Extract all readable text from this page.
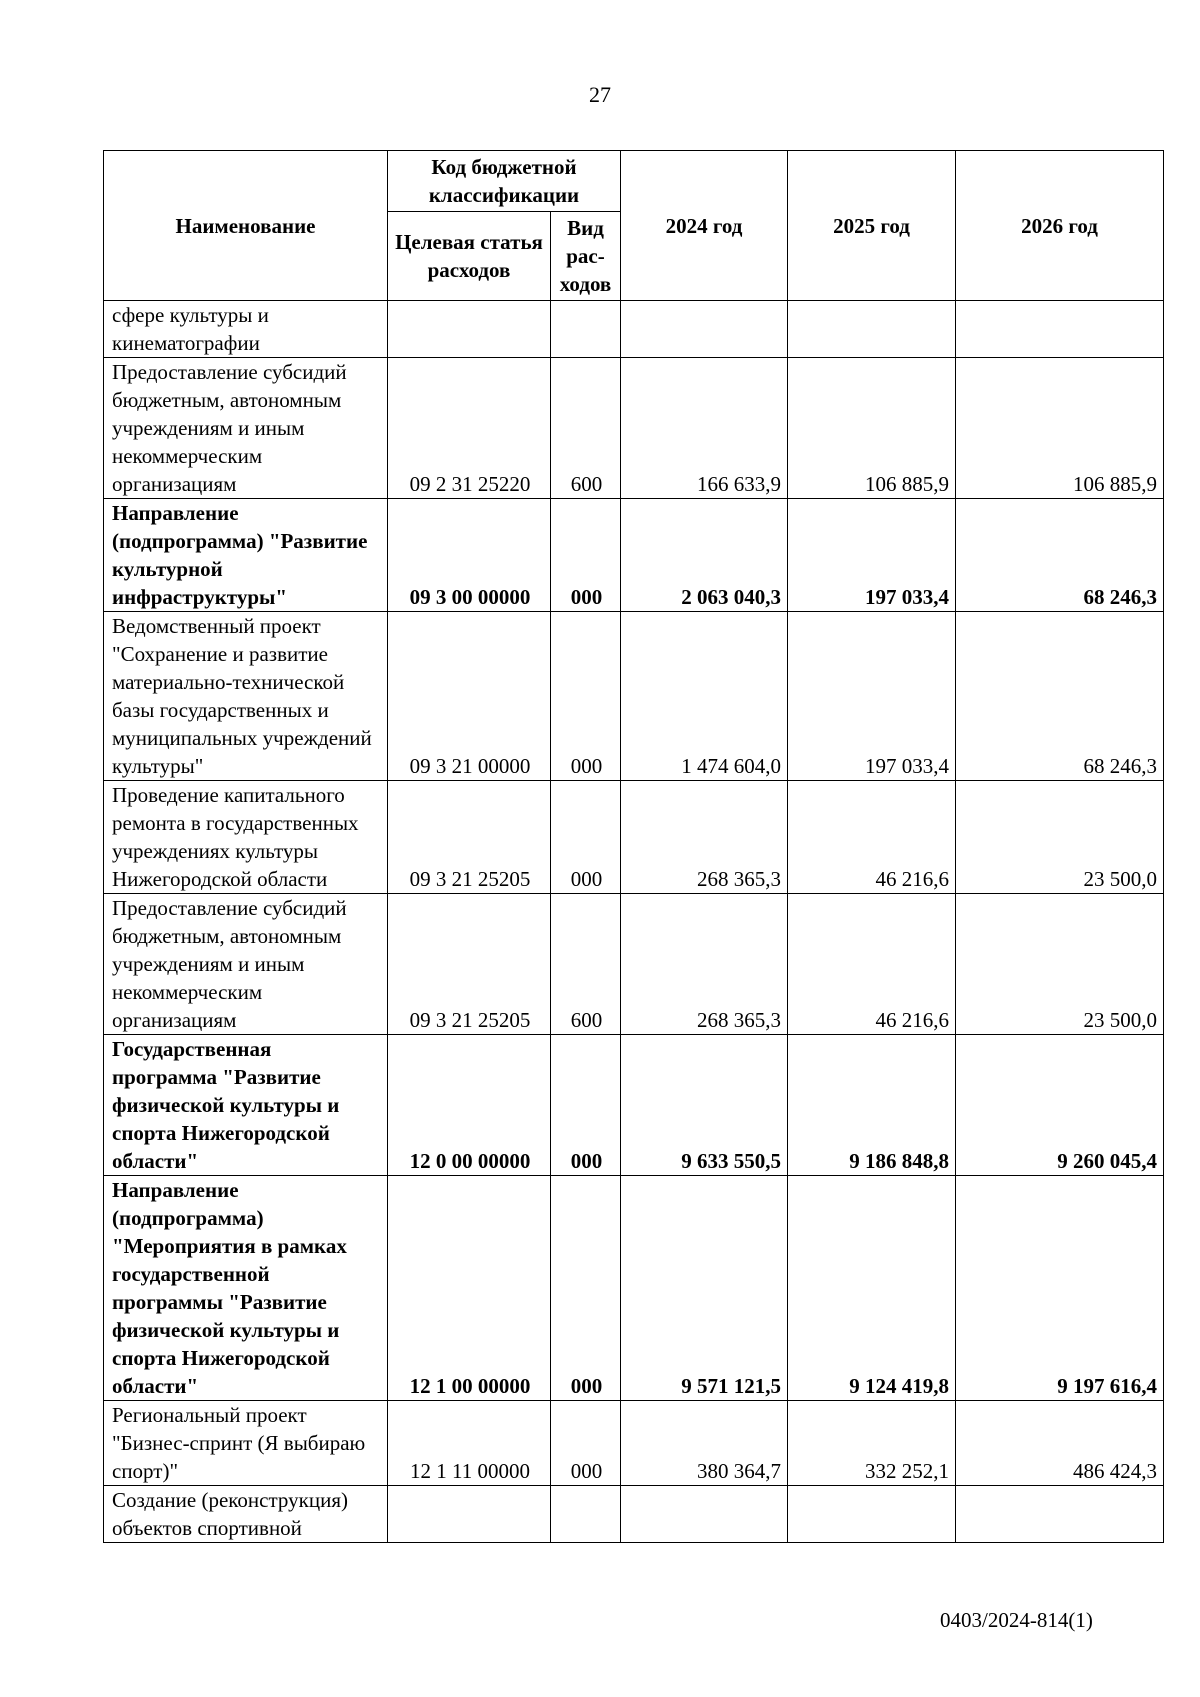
27
Наименование	Код бюджетной классификации		2024 год	2025 год	2026 год
	Целевая статья расходов	Вид рас-ходов			
сфере культуры и кинематографии					
Предоставление субсидий бюджетным, автономным учреждениям и иным некоммерческим организациям	09 2 31 25220	600	166 633,9	106 885,9	106 885,9
Направление (подпрограмма) "Развитие культурной инфраструктуры"	09 3 00 00000	000	2 063 040,3	197 033,4	68 246,3
Ведомственный проект "Сохранение и развитие материально-технической базы государственных и муниципальных учреждений культуры"	09 3 21 00000	000	1 474 604,0	197 033,4	68 246,3
Проведение капитального ремонта в государственных учреждениях культуры Нижегородской области	09 3 21 25205	000	268 365,3	46 216,6	23 500,0
Предоставление субсидий бюджетным, автономным учреждениям и иным некоммерческим организациям	09 3 21 25205	600	268 365,3	46 216,6	23 500,0
Государственная программа "Развитие физической культуры и спорта Нижегородской области"	12 0 00 00000	000	9 633 550,5	9 186 848,8	9 260 045,4
Направление (подпрограмма) "Мероприятия в рамках государственной программы "Развитие физической культуры и спорта Нижегородской области"	12 1 00 00000	000	9 571 121,5	9 124 419,8	9 197 616,4
Региональный проект "Бизнес-спринт (Я выбираю спорт)"	12 1 11 00000	000	380 364,7	332 252,1	486 424,3
Создание (реконструкция) объектов спортивной					
0403/2024-814(1)
